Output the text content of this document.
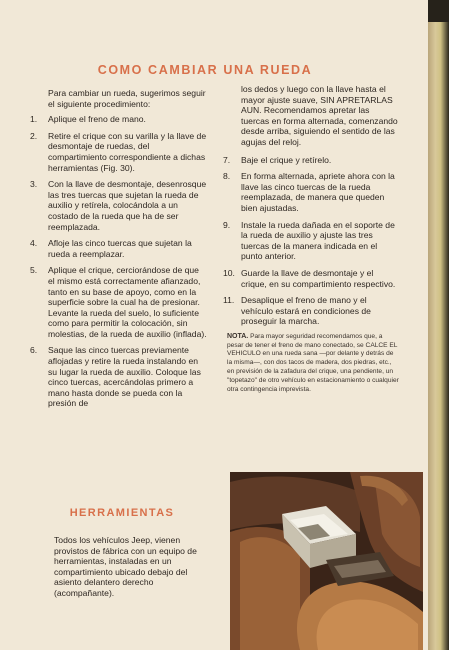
COMO CAMBIAR UNA RUEDA

Para cambiar un rueda, sugerimos seguir el siguiente procedimiento:

1.	Aplique el freno de mano.
2.	Retire el crique con su varilla y la llave de desmontaje de ruedas, del compartimiento correspondiente a dichas herramientas (Fig. 30).
3.	Con la llave de desmontaje, desenrosque las tres tuercas que sujetan la rueda de auxilio y retírela, colocándola a un costado de la rueda que ha de ser reemplazada.
4.	Afloje las cinco tuercas que sujetan la rueda a reemplazar.
5.	Aplique el crique, cerciorándose de que el mismo está correctamente afianzado, tanto en su base de apoyo, como en la superficie sobre la cual ha de presionar. Levante la rueda del suelo, lo suficiente como para permitir la colocación, sin molestias, de la rueda de auxilio (inflada).
6.	Saque las cinco tuercas previamente aflojadas y retire la rueda instalando en su lugar la rueda de auxilio. Coloque las cinco tuercas, acercándolas primero a mano hasta donde se pueda con la presión de

los dedos y luego con la llave hasta el mayor ajuste suave, SIN APRETARLAS AUN. Recomendamos apretar las tuercas en forma alternada, comenzando desde arriba, siguiendo el sentido de las agujas del reloj.

7.	Baje el crique y retírelo.
8.	En forma alternada, apriete ahora con la llave las cinco tuercas de la rueda reemplazada, de manera que queden bien ajustadas.
9.	Instale la rueda dañada en el soporte de la rueda de auxilio y ajuste las tres tuercas de la manera indicada en el punto anterior.
10. Guarde la llave de desmontaje y el crique, en su compartimiento respectivo.
11. Desaplique el freno de mano y el vehículo estará en condiciones de proseguir la marcha.
NOTA. Para mayor seguridad recomendamos que, a pesar de tener el freno de mano conectado, se CALCE EL VEHICULO en una rueda sana —por delante y detrás de la misma—, con dos tacos de madera, dos piedras, etc., en previsión de la zafadura del crique, una pendiente, un "topetazo" de otro vehículo en estacionamiento o cualquier otra contingencia imprevista.
HERRAMIENTAS
Todos los vehículos Jeep, vienen provistos de fábrica con un equipo de herramientas, instaladas en un compartimiento ubicado debajo del asiento delantero derecho (acompañante).
